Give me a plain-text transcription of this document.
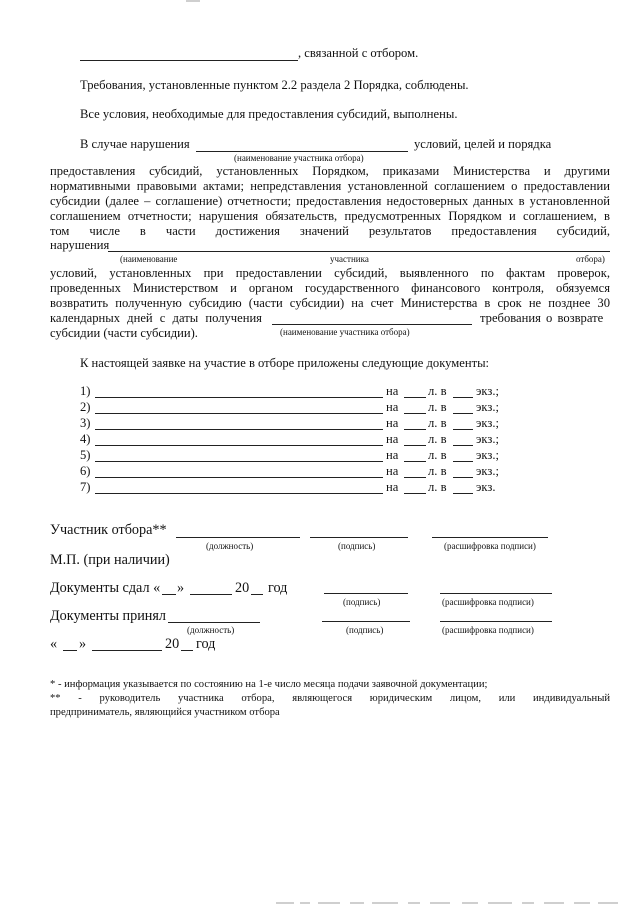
, связанной с отбором.
Требования, установленные пунктом 2.2 раздела 2 Порядка, соблюдены.
Все условия, необходимые для предоставления субсидий, выполнены.
В случае нарушения	условий, целей и порядка
(наименование участника отбора)
предоставления субсидий, установленных Порядком, приказами Министерства и другими
нормативными правовыми актами; непредставления установленной соглашением о предоставлении
субсидии (далее – соглашение) отчетности; предоставления недостоверных данных в установленной
соглашением отчетности; нарушения обязательств, предусмотренных Порядком и соглашением, в
том числе в части достижения значений результатов предоставления субсидий,
нарушения
(наименование	участника	отбора)
условий, установленных при предоставлении субсидий, выявленного по фактам проверок,
проведенных Министерством и органом государственного финансового контроля, обязуемся
возвратить полученную субсидию (части субсидии) на счет Министерства в срок не позднее 30
календарных дней с даты получения	требования о возврате
субсидии (части субсидии).	(наименование участника отбора)
К настоящей заявке на участие в отборе приложены следующие документы:
1)	на л. в экз.;
2)	на л. в экз.;
3)	на л. в экз.;
4)	на л. в экз.;
5)	на л. в экз.;
6)	на л. в экз.;
7)	на л. в экз.
Участник отбора**
(должность)	(подпись)	(расшифровка подписи)
М.П. (при наличии)
Документы сдал « »	20 год
(подпись)	(расшифровка подписи)
Документы принял
(должность)	(подпись)	(расшифровка подписи)
« »	20 год
* - информация указывается по состоянию на 1-е число месяца подачи заявочной документации;
** - руководитель участника отбора, являющегося юридическим лицом, или индивидуальный
предприниматель, являющийся участником отбора
